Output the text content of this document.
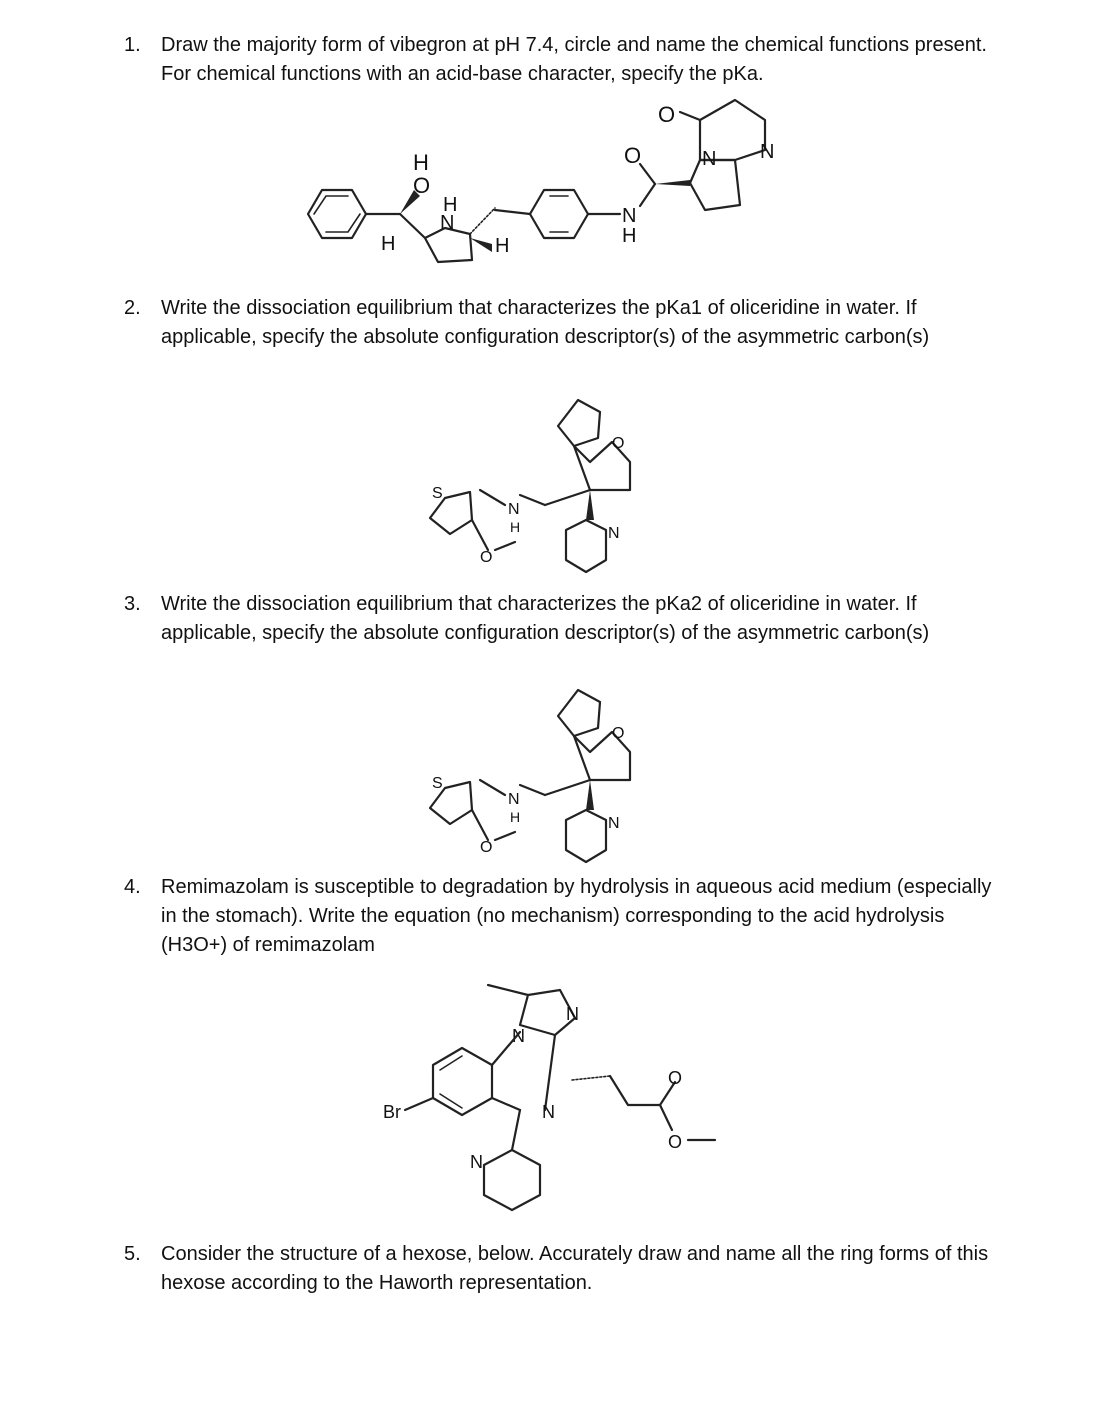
1. Draw the majority form of vibegron at pH 7.4, circle and name the chemical functions present. For chemical functions with an acid-base character, specify the pKa.
2. Write the dissociation equilibrium that characterizes the pKa1 of oliceridine in water. If applicable, specify the absolute configuration descriptor(s) of the asymmetric carbon(s)
3. Write the dissociation equilibrium that characterizes the pKa2 of oliceridine in water. If applicable, specify the absolute configuration descriptor(s) of the asymmetric carbon(s)
4. Remimazolam is susceptible to degradation by hydrolysis in aqueous acid medium (especially in the stomach). Write the equation (no mechanism) corresponding to the acid hydrolysis (H3O+) of remimazolam
5. Consider the structure of a hexose, below. Accurately draw and name all the ring forms of this hexose according to the Haworth representation.
O
H
H
N
H
H
N
H
O	N N
O
O
N
H
S
O
N
O
N
H
S
O
N
N
N
N
Br
O
O
N
